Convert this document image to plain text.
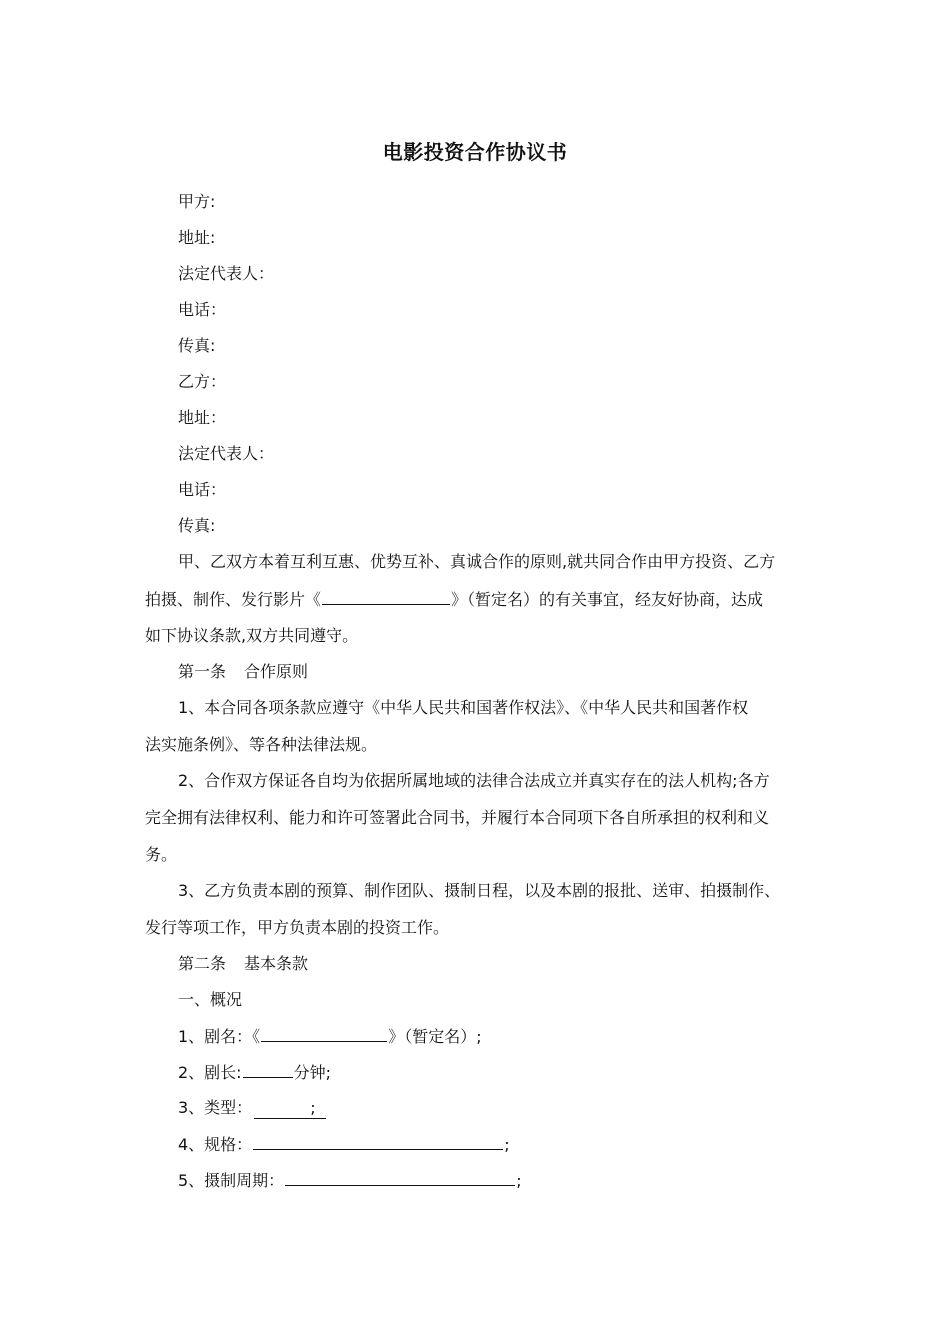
电影投资合作协议书
甲方:
地址:
法定代表人：
电话：
传真:
乙方：
地址：
法定代表人：
电话：
传真:
甲、乙双方本着互利互惠、优势互补、真诚合作的原则,就共同合作由甲方投资、乙方
拍摄、制作、发行影片《	》（暂定名）的有关事宜，经友好协商，达成
如下协议条款,双方共同遵守。
第一条 合作原则
1、本合同各项条款应遵守《中华人民共和国著作权法》、《中华人民共和国著作权
法实施条例》、等各种法律法规。
2、合作双方保证各自均为依据所属地域的法律合法成立并真实存在的法人机构;各方
完全拥有法律权利、能力和许可签署此合同书，并履行本合同项下各自所承担的权利和义
务。
3、乙方负责本剧的预算、制作团队、摄制日程，以及本剧的报批、送审、拍摄制作、
发行等项工作，甲方负责本剧的投资工作。
第二条 基本条款
一、概况
1、剧名：《	》（暂定名）;
2、剧长:	分钟;
3、类型：	;
4、规格：	;
5、摄制周期：	;
